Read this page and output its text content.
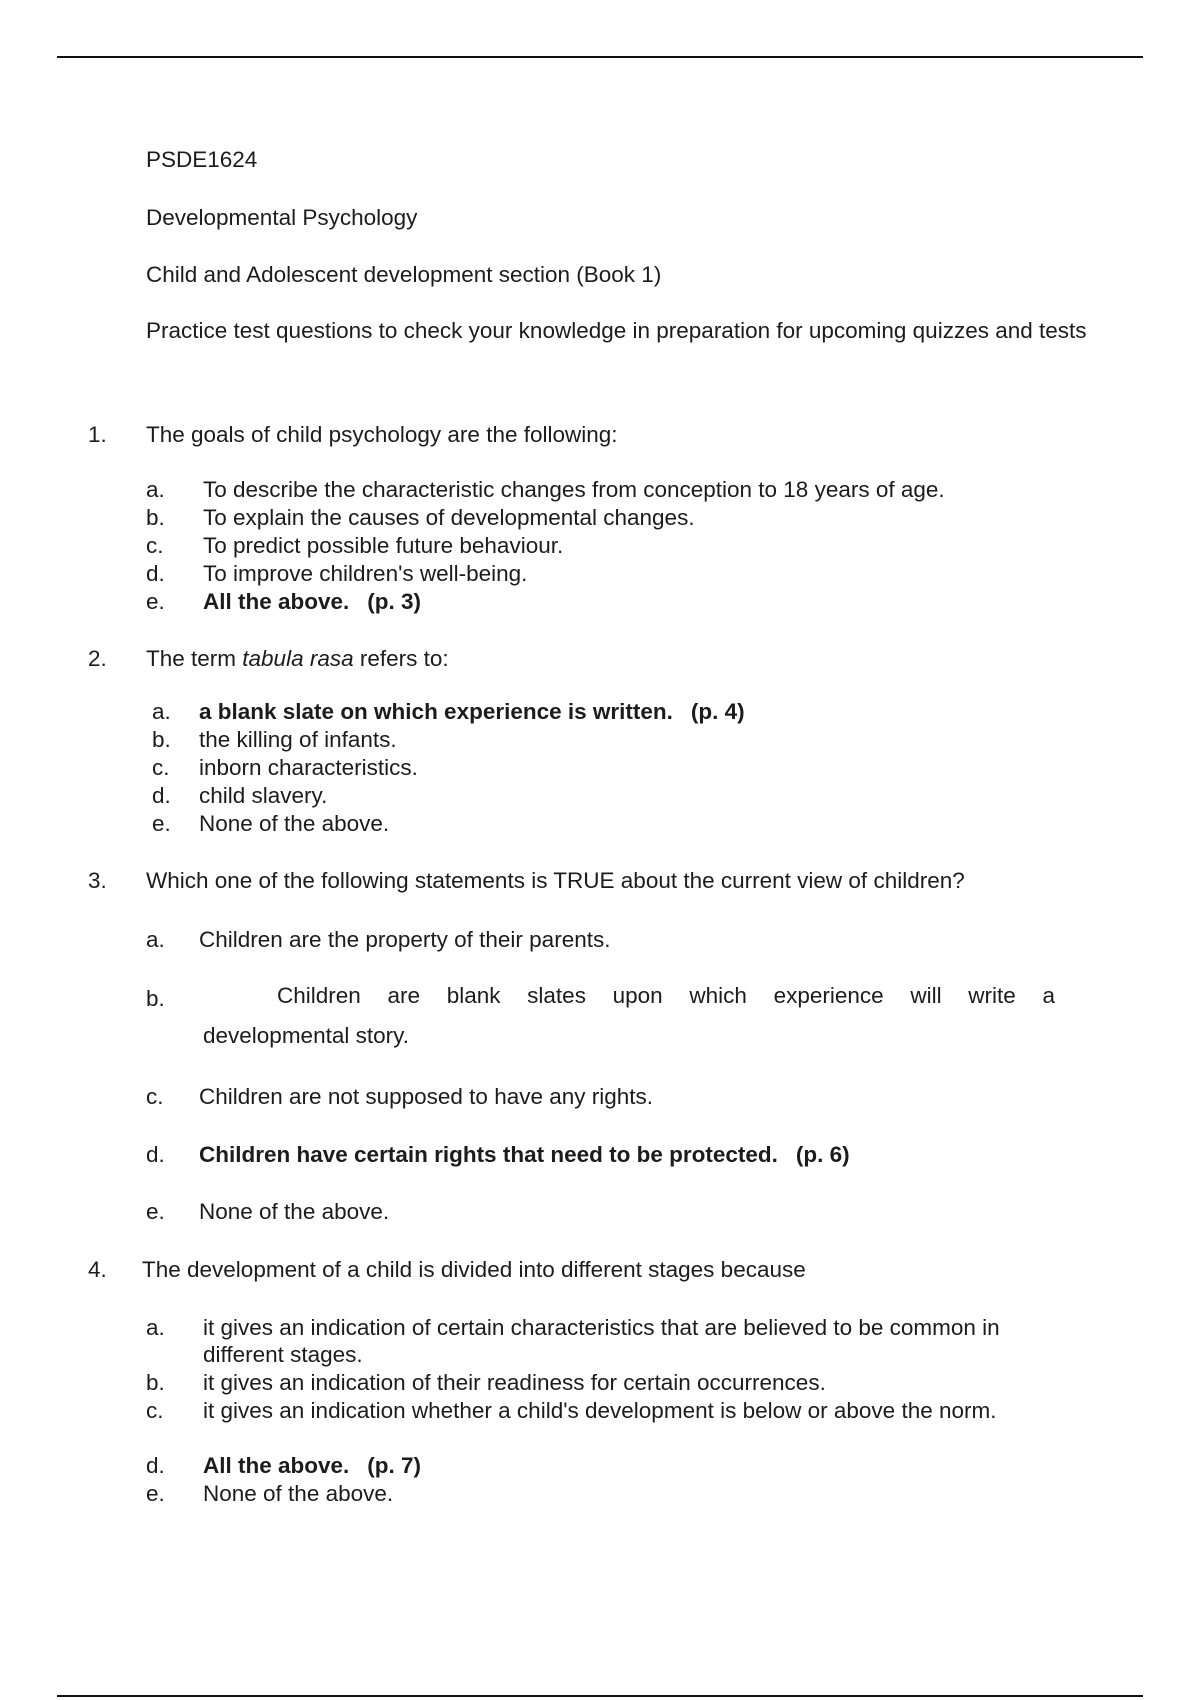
PSDE1624
Developmental Psychology
Child and Adolescent development section (Book 1)
Practice test questions to check your knowledge in preparation for upcoming quizzes and tests
1. The goals of child psychology are the following:
a. To describe the characteristic changes from conception to 18 years of age.
b. To explain the causes of developmental changes.
c. To predict possible future behaviour.
d. To improve children's well-being.
e. All the above. (p. 3)
2. The term tabula rasa refers to:
a. a blank slate on which experience is written. (p. 4)
b. the killing of infants.
c. inborn characteristics.
d. child slavery.
e. None of the above.
3. Which one of the following statements is TRUE about the current view of children?
a. Children are the property of their parents.
b.	Children are blank slates upon which experience will write a
developmental story.
c. Children are not supposed to have any rights.
d. Children have certain rights that need to be protected. (p. 6)
e. None of the above.
4. The development of a child is divided into different stages because
a. it gives an indication of certain characteristics that are believed to be common in different stages.
b. it gives an indication of their readiness for certain occurrences.
c. it gives an indication whether a child's development is below or above the norm.
d. All the above. (p. 7)
e. None of the above.
